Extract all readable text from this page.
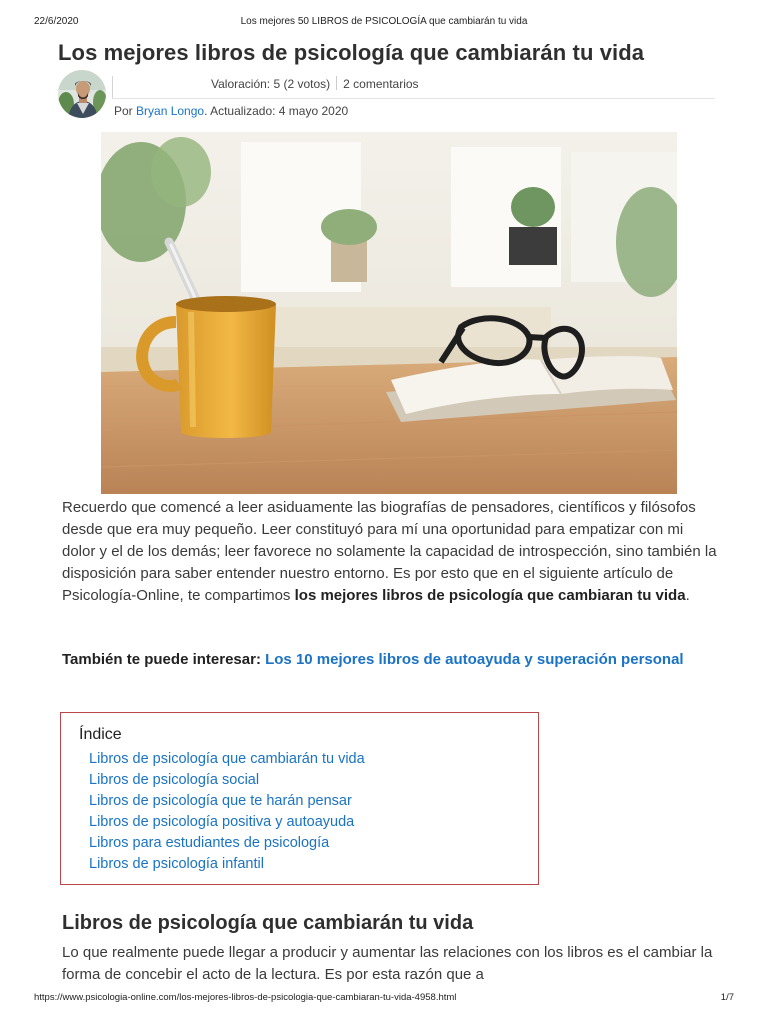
22/6/2020	Los mejores 50 LIBROS de PSICOLOGÍA que cambiarán tu vida
Los mejores libros de psicología que cambiarán tu vida
Valoración: 5 (2 votos) 2 comentarios
Por Bryan Longo. Actualizado: 4 mayo 2020

Recuerdo que comencé a leer asiduamente las biografías de pensadores, científicos y filósofos desde que era muy pequeño. Leer constituyó para mí una oportunidad para empatizar con mi dolor y el de los demás; leer favorece no solamente la capacidad de introspección, sino también la disposición para saber entender nuestro entorno. Es por esto que en el siguiente artículo de Psicología-Online, te compartimos los mejores libros de psicología que cambiaran tu vida.

También te puede interesar: Los 10 mejores libros de autoayuda y superación personal

Índice
Libros de psicología que cambiarán tu vida
Libros de psicología social
Libros de psicología que te harán pensar
Libros de psicología positiva y autoayuda
Libros para estudiantes de psicología
Libros de psicología infantil
Libros de psicología que cambiarán tu vida

Lo que realmente puede llegar a producir y aumentar las relaciones con los libros es el cambiar la forma de concebir el acto de la lectura. Es por esta razón que a

https://www.psicologia-online.com/los-mejores-libros-de-psicologia-que-cambiaran-tu-vida-4958.html	1/7
